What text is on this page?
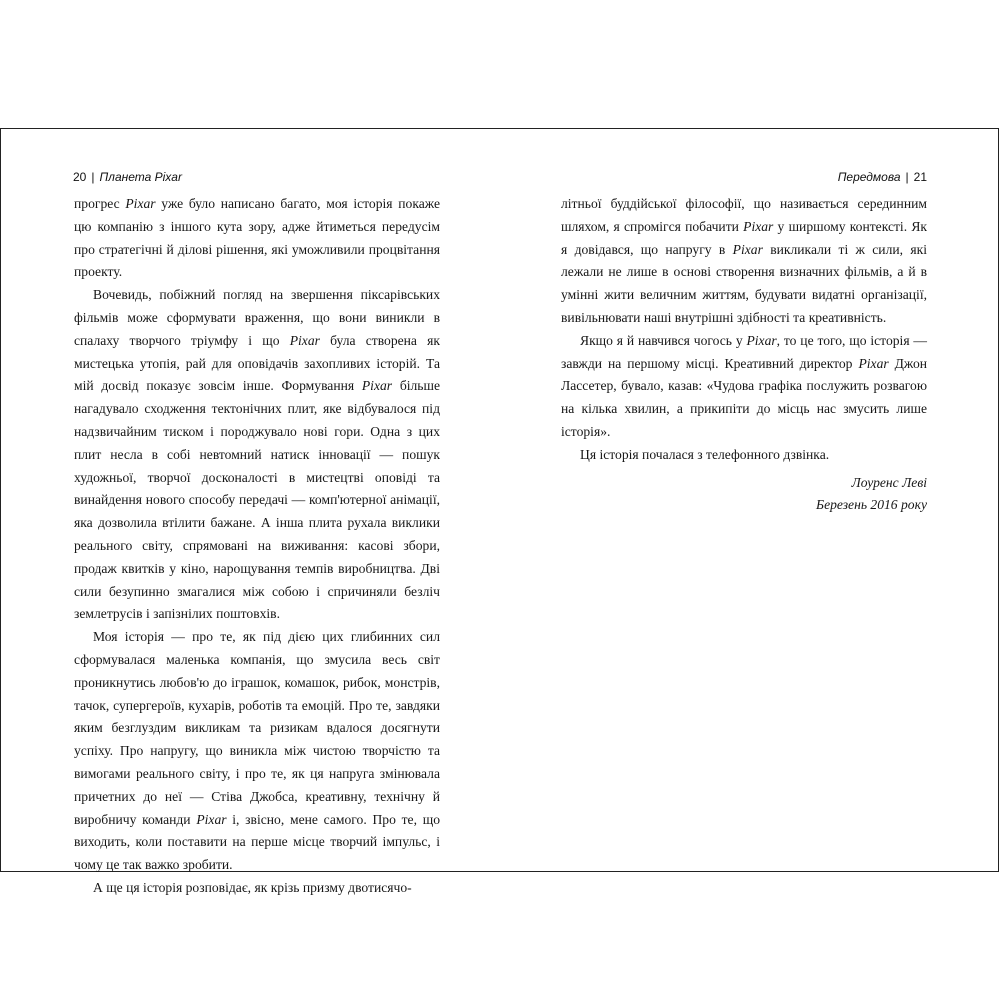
20 | Планета Pixar	Передмова | 21

прогрес Pixar уже було написано багато, моя історія покаже цю компанію з іншого кута зору, адже йтиметься передусім про стратегічні й ділові рішення, які уможливили процвітання проекту.

Вочевидь, побіжний погляд на звершення піксарівських фільмів може сформувати враження, що вони виникли в спалаху творчого тріумфу і що Pixar була створена як мистецька утопія, рай для оповідачів захопливих історій. Та мій досвід показує зовсім інше. Формування Pixar більше нагадувало сходження тектонічних плит, яке відбувалося під надзвичайним тиском і породжувало нові гори. Одна з цих плит несла в собі невтомний натиск інновації — пошук художньої, творчої досконалості в мистецтві оповіді та винайдення нового способу передачі — комп'ютерної анімації, яка дозволила втілити бажане. А інша плита рухала виклики реального світу, спрямовані на виживання: касові збори, продаж квитків у кіно, нарощування темпів виробництва. Дві сили безупинно змагалися між собою і спричиняли безліч землетрусів і запізнілих поштовхів.

Моя історія — про те, як під дією цих глибинних сил сформувалася маленька компанія, що змусила весь світ проникнутись любов'ю до іграшок, комашок, рибок, монстрів, тачок, супергероїв, кухарів, роботів та емоцій. Про те, завдяки яким безглуздим викликам та ризикам вдалося досягнути успіху. Про напругу, що виникла між чистою творчістю та вимогами реального світу, і про те, як ця напруга змінювала причетних до неї — Стіва Джобса, креативну, технічну й виробничу команди Pixar і, звісно, мене самого. Про те, що виходить, коли поставити на перше місце творчий імпульс, і чому це так важко зробити.

А ще ця історія розповідає, як крізь призму двотисячо-

літньої буддійської філософії, що називається серединним шляхом, я спромігся побачити Pixar у ширшому контексті. Як я довідався, що напругу в Pixar викликали ті ж сили, які лежали не лише в основі створення визначних фільмів, а й в умінні жити величним життям, будувати видатні організації, вивільнювати наші внутрішні здібності та креативність.

Якщо я й навчився чогось у Pixar, то це того, що історія — завжди на першому місці. Креативний директор Pixar Джон Лассетер, бувало, казав: «Чудова графіка послужить розвагою на кілька хвилин, а прикипіти до місць нас змусить лише історія».

Ця історія почалася з телефонного дзвінка.

Лоуренс Леві

Березень 2016 року
